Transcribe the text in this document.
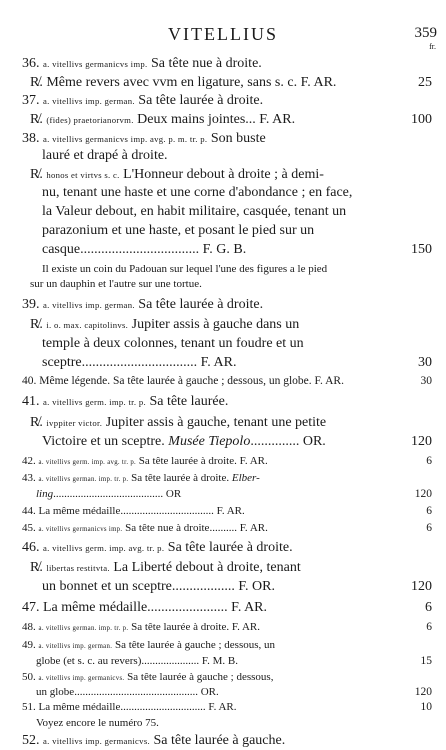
VITELLIUS	359
fr.
36. a. vitellivs germanicvs imp. Sa tête nue à droite.
R̸. Même revers avec vvm en ligature, sans s. c. F. AR.	25
37. a. vitellivs imp. german. Sa tête laurée à droite.
R̸. (fides) praetorianorvm. Deux mains jointes... F. AR.	100
38. a. vitellivs germanicvs imp. avg. p. m. tr. p. Son buste
lauré et drapé à droite.
R̸. honos et virtvs s. c. L'Honneur debout à droite ; à demi-
nu, tenant une haste et une corne d'abondance ; en face,
la Valeur debout, en habit militaire, casquée, tenant un
parazonium et une haste, et posant le pied sur un
casque.................................. F. G. B.	150
Il existe un coin du Padouan sur lequel l'une des figures a le pied
sur un dauphin et l'autre sur une tortue.
39. a. vitellivs imp. german. Sa tête laurée à droite.
R̸. i. o. max. capitolinvs. Jupiter assis à gauche dans un
temple à deux colonnes, tenant un foudre et un
sceptre................................. F. AR.	30
40. Même légende. Sa tête laurée à gauche ; dessous, un globe. F. AR.	30
41. a. vitellivs germ. imp. tr. p. Sa tête laurée.
R̸. ivppiter victor. Jupiter assis à gauche, tenant une petite
Victoire et un sceptre. Musée Tiepolo.............. OR.	120
42. a. vitellivs germ. imp. avg. tr. p. Sa tête laurée à droite. F. AR.	6
43. a. vitellivs german. imp. tr. p. Sa tête laurée à droite. Elber-
ling........................................ OR	120
44. La même médaille.................................. F. AR.	6
45. a. vitellivs germanicvs imp. Sa tête nue à droite.......... F. AR.	6
46. a. vitellivs germ. imp. avg. tr. p. Sa tête laurée à droite.
R̸. libertas restitvta. La Liberté debout à droite, tenant
un bonnet et un sceptre.................. F. OR.	120
47. La même médaille....................... F. AR.	6
48. a. vitellivs german. imp. tr. p. Sa tête laurée à droite. F. AR.	6
49. a. vitellivs imp. german. Sa tête laurée à gauche ; dessous, un
globe (et s. c. au revers)..................... F. M. B.	15
50. a. vitellivs imp. germanicvs. Sa tête laurée à gauche ; dessous,
un globe............................................. OR.	120
51. La même médaille............................... F. AR.	10
Voyez encore le numéro 75.
52. a. vitellivs imp. germanicvs. Sa tête laurée à gauche.
